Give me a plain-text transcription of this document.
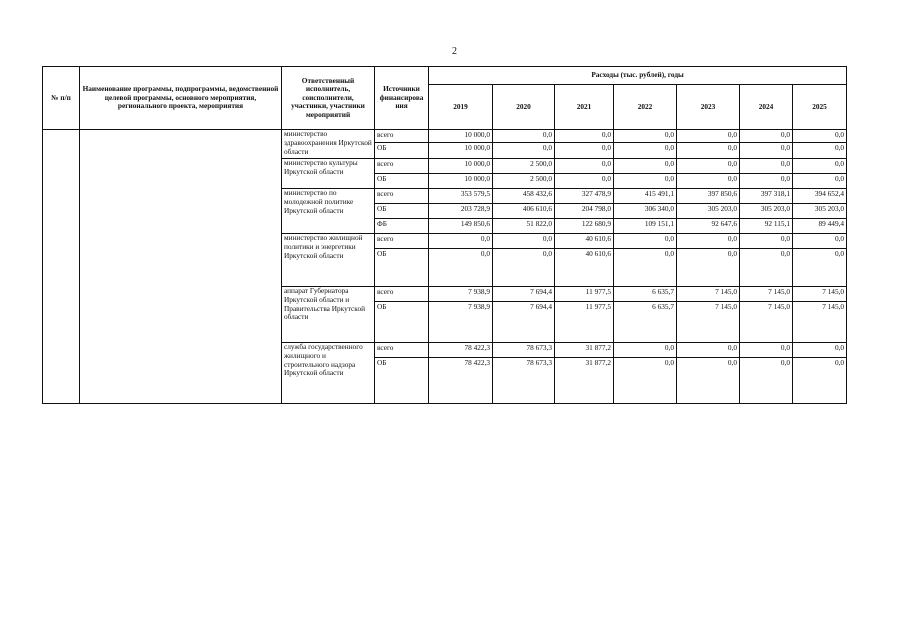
2
№ п/п	Наименование программы, подпрограммы, ведомственной целевой программы, основного мероприятия, регионального проекта, мероприятия	Ответственный исполнитель, соисполнители, участники, участники мероприятий	Источники финансирова ния	Расходы (тыс. рублей), годы						
				2019	2020	2021	2022	2023	2024	2025
		министерство здравоохранения Иркутской области	всего	10 000,0	0,0	0,0	0,0	0,0	0,0	0,0
			ОБ	10 000,0	0,0	0,0	0,0	0,0	0,0	0,0
		министерство культуры Иркутской области	всего	10 000,0	2 500,0	0,0	0,0	0,0	0,0	0,0
			ОБ	10 000,0	2 500,0	0,0	0,0	0,0	0,0	0,0
		министерство по молодежной политике Иркутской области	всего	353 579,5	458 432,6	327 478,9	415 491,1	397 850,6	397 318,1	394 652,4
			ОБ	203 728,9	406 610,6	204 798,0	306 340,0	305 203,0	305 203,0	305 203,0
			ФБ	149 850,6	51 822,0	122 680,9	109 151,1	92 647,6	92 115,1	89 449,4
		министерство жилищной политики и энергетики Иркутской области	всего	0,0	0,0	40 610,6	0,0	0,0	0,0	0,0
			ОБ	0,0	0,0	40 610,6	0,0	0,0	0,0	0,0
		аппарат Губернатора Иркутской области и Правительства Иркутской области	всего	7 938,9	7 694,4	11 977,5	6 635,7	7 145,0	7 145,0	7 145,0
			ОБ	7 938,9	7 694,4	11 977,5	6 635,7	7 145,0	7 145,0	7 145,0
		служба государственного жилищного и строительного надзора Иркутской области	всего	78 422,3	78 673,3	31 877,2	0,0	0,0	0,0	0,0
			ОБ	78 422,3	78 673,3	31 877,2	0,0	0,0	0,0	0,0
